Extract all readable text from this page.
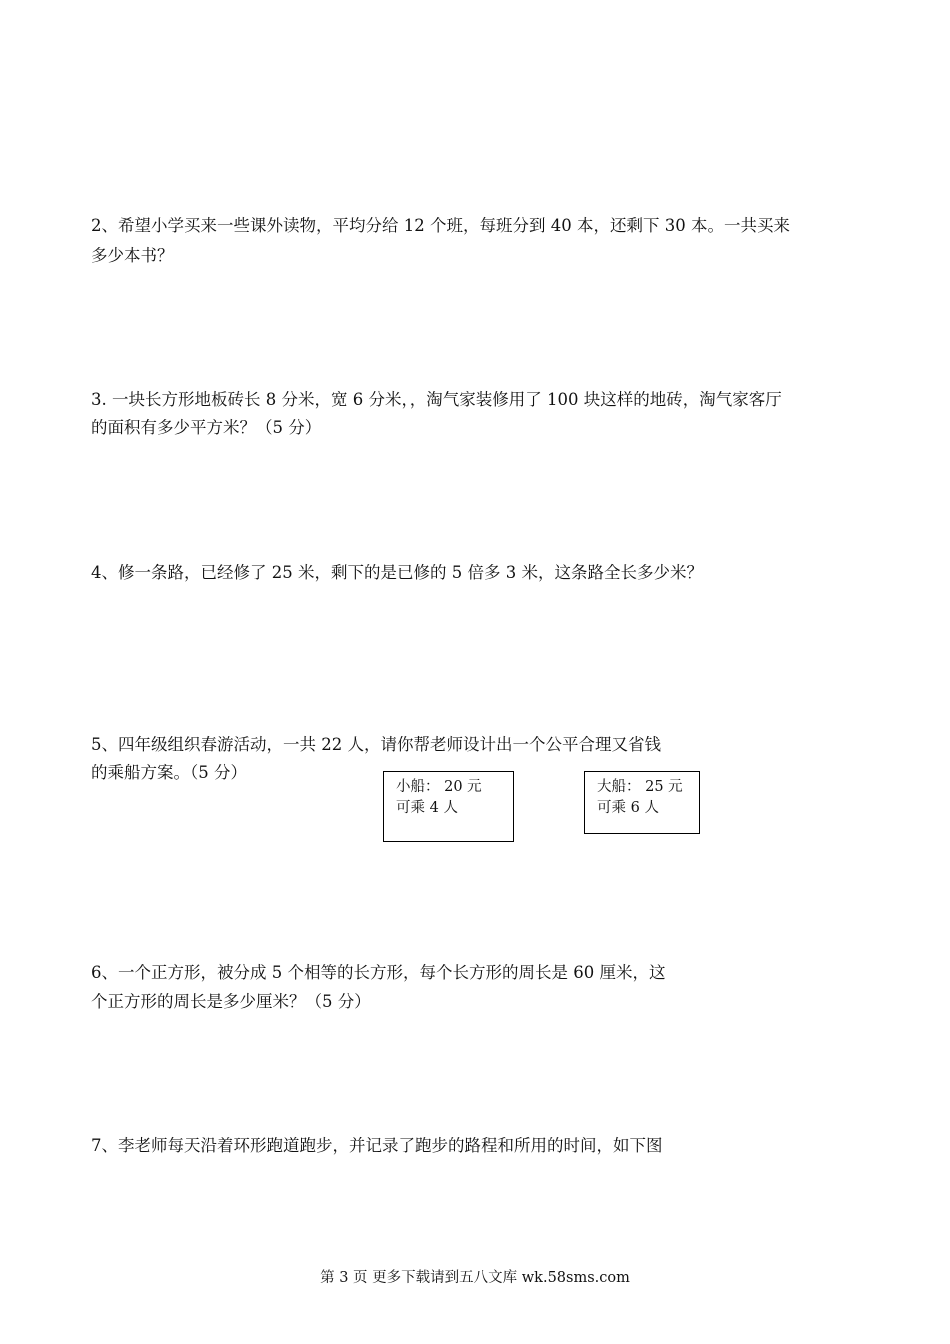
2、希望小学买来一些课外读物，平均分给 12 个班，每班分到 40 本，还剩下 30 本。一共买来
多少本书？
3. 一块长方形地板砖长 8 分米，宽 6 分米，，淘气家装修用了 100 块这样的地砖，淘气家客厅
的面积有多少平方米？（5 分）
4、修一条路，已经修了 25 米，剩下的是已修的 5 倍多 3 米，这条路全长多少米？
5、四年级组织春游活动，一共 22 人，请你帮老师设计出一个公平合理又省钱
的乘船方案。（5 分）
小船： 20 元
可乘 4 人
大船： 25 元
可乘 6 人
6、一个正方形，被分成 5 个相等的长方形，每个长方形的周长是 60 厘米，这
个正方形的周长是多少厘米？（5 分）
7、李老师每天沿着环形跑道跑步，并记录了跑步的路程和所用的时间，如下图
第 3 页 更多下载请到五八文库 wk.58sms.com
